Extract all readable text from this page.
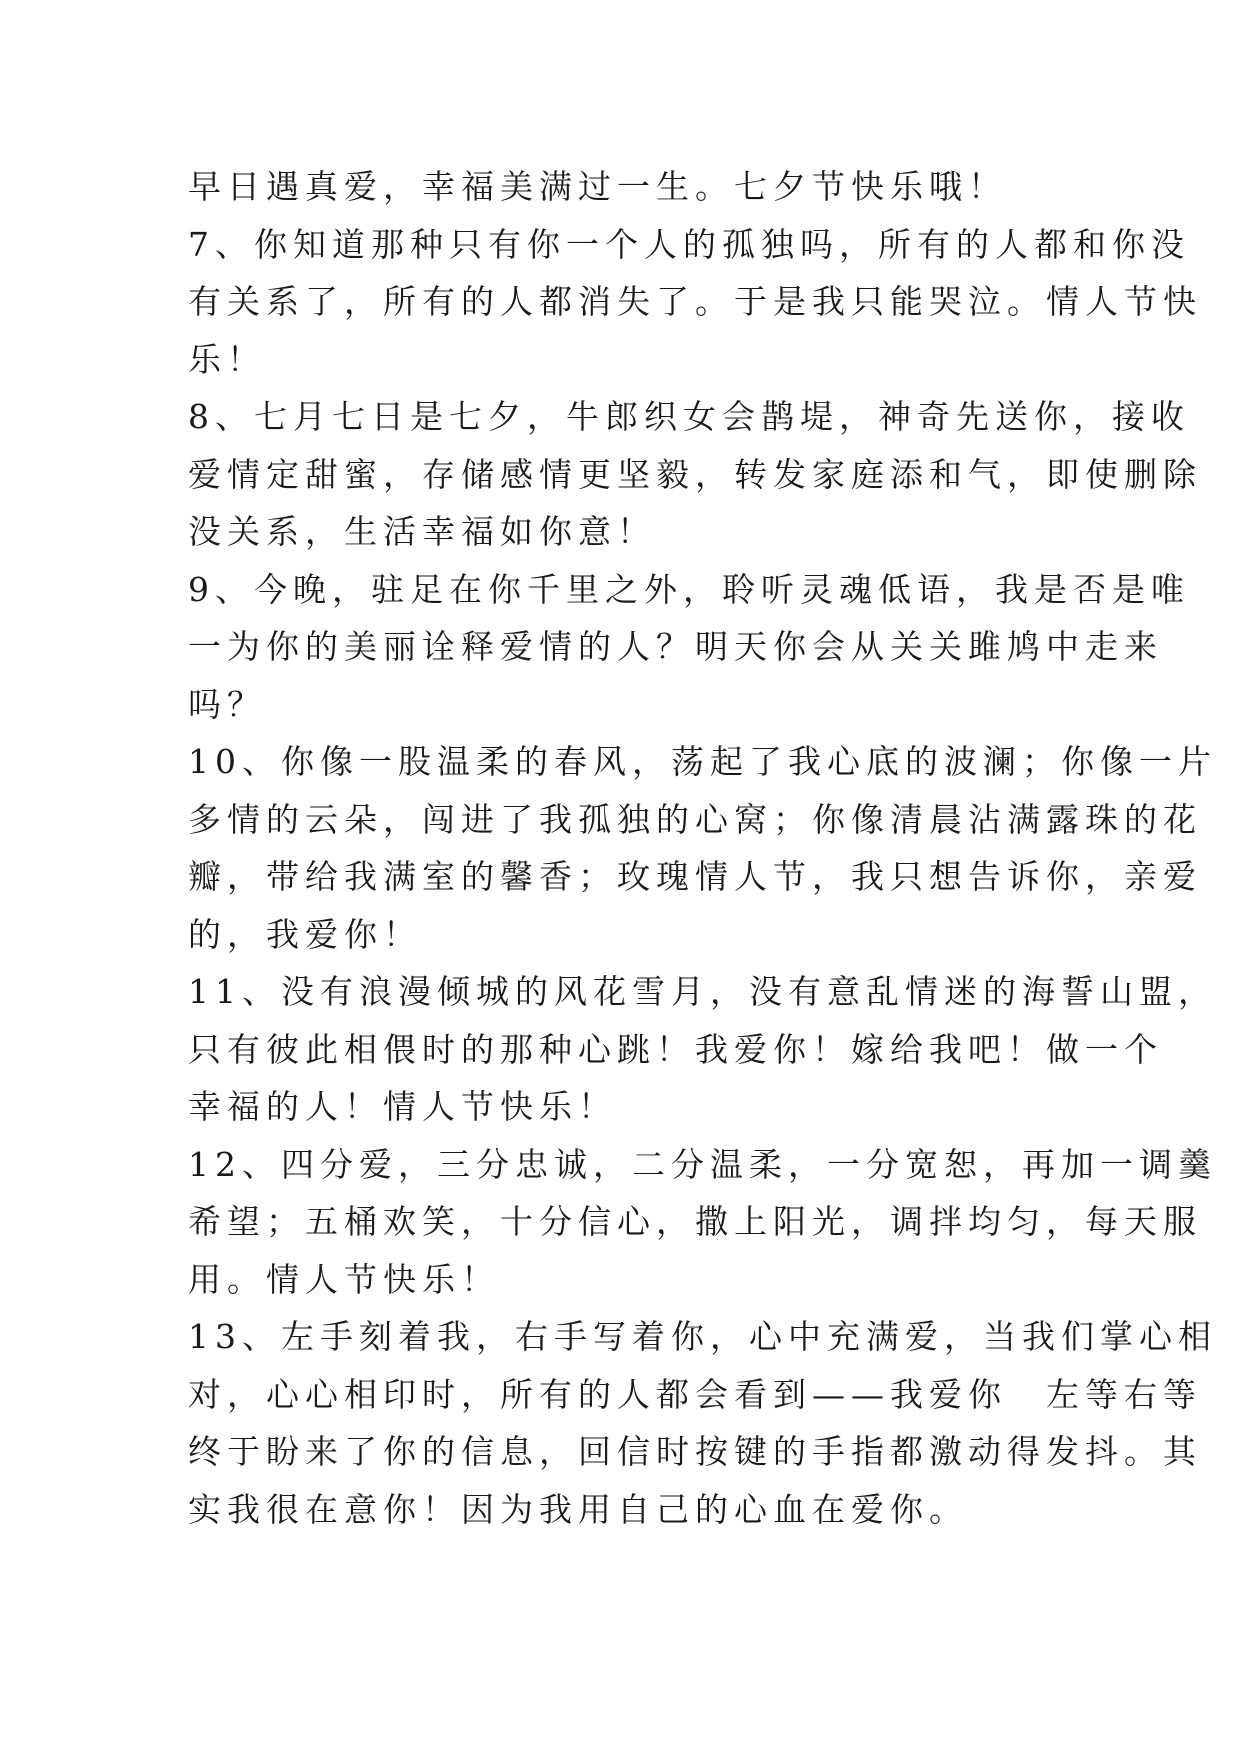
早日遇真爱，幸福美满过一生。七夕节快乐哦！
7、你知道那种只有你一个人的孤独吗，所有的人都和你没
有关系了，所有的人都消失了。于是我只能哭泣。情人节快
乐！
8、七月七日是七夕，牛郎织女会鹊堤，神奇先送你，接收
爱情定甜蜜，存储感情更坚毅，转发家庭添和气，即使删除
没关系，生活幸福如你意！
9、今晚，驻足在你千里之外，聆听灵魂低语，我是否是唯
一为你的美丽诠释爱情的人？明天你会从关关雎鸠中走来
吗？
10、你像一股温柔的春风，荡起了我心底的波澜；你像一片
多情的云朵，闯进了我孤独的心窝；你像清晨沾满露珠的花
瓣，带给我满室的馨香；玫瑰情人节，我只想告诉你，亲爱
的，我爱你！
11、没有浪漫倾城的风花雪月，没有意乱情迷的海誓山盟，
只有彼此相偎时的那种心跳！我爱你！嫁给我吧！做一个
幸福的人！情人节快乐！
12、四分爱，三分忠诚，二分温柔，一分宽恕，再加一调羹
希望；五桶欢笑，十分信心，撒上阳光，调拌均匀，每天服
用。情人节快乐！
13、左手刻着我，右手写着你，心中充满爱，当我们掌心相
对，心心相印时，所有的人都会看到——我爱你　左等右等
终于盼来了你的信息，回信时按键的手指都激动得发抖。其
实我很在意你！因为我用自己的心血在爱你。
